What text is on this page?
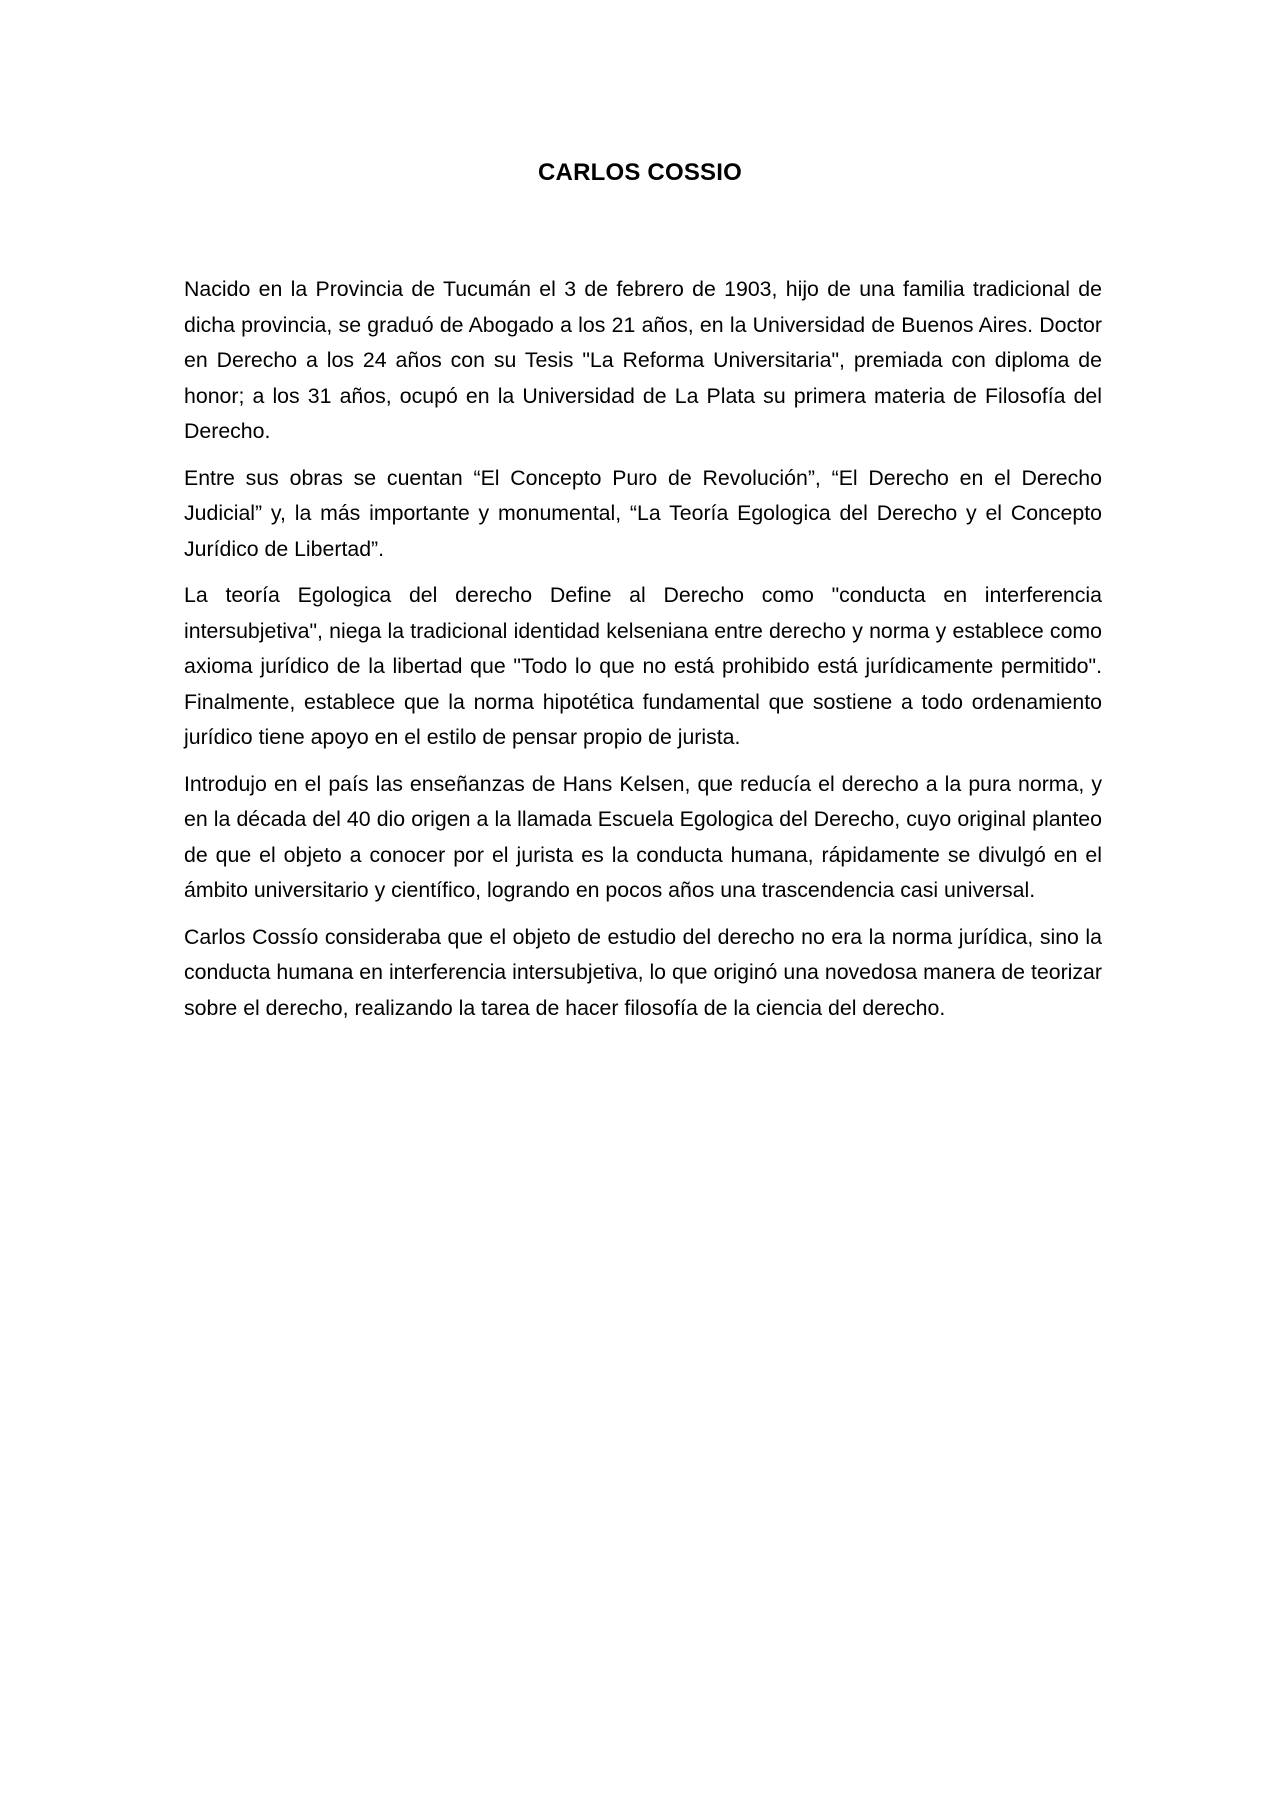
CARLOS COSSIO

Nacido en la Provincia de Tucumán el 3 de febrero de 1903, hijo de una familia tradicional de dicha provincia, se graduó de Abogado a los 21 años, en la Universidad de Buenos Aires. Doctor en Derecho a los 24 años con su Tesis "La Reforma Universitaria", premiada con diploma de honor; a los 31 años, ocupó en la Universidad de La Plata su primera materia de Filosofía del Derecho.

Entre sus obras se cuentan “El Concepto Puro de Revolución”, “El Derecho en el Derecho Judicial” y, la más importante y monumental, “La Teoría Egologica del Derecho y el Concepto Jurídico de Libertad”.

La teoría Egologica del derecho Define al Derecho como "conducta en interferencia intersubjetiva", niega la tradicional identidad kelseniana entre derecho y norma y establece como axioma jurídico de la libertad que "Todo lo que no está prohibido está jurídicamente permitido". Finalmente, establece que la norma hipotética fundamental que sostiene a todo ordenamiento jurídico tiene apoyo en el estilo de pensar propio de jurista.

Introdujo en el país las enseñanzas de Hans Kelsen, que reducía el derecho a la pura norma, y en la década del 40 dio origen a la llamada Escuela Egologica del Derecho, cuyo original planteo de que el objeto a conocer por el jurista es la conducta humana, rápidamente se divulgó en el ámbito universitario y científico, logrando en pocos años una trascendencia casi universal.

Carlos Cossío consideraba que el objeto de estudio del derecho no era la norma jurídica, sino la conducta humana en interferencia intersubjetiva, lo que originó una novedosa manera de teorizar sobre el derecho, realizando la tarea de hacer filosofía de la ciencia del derecho.
